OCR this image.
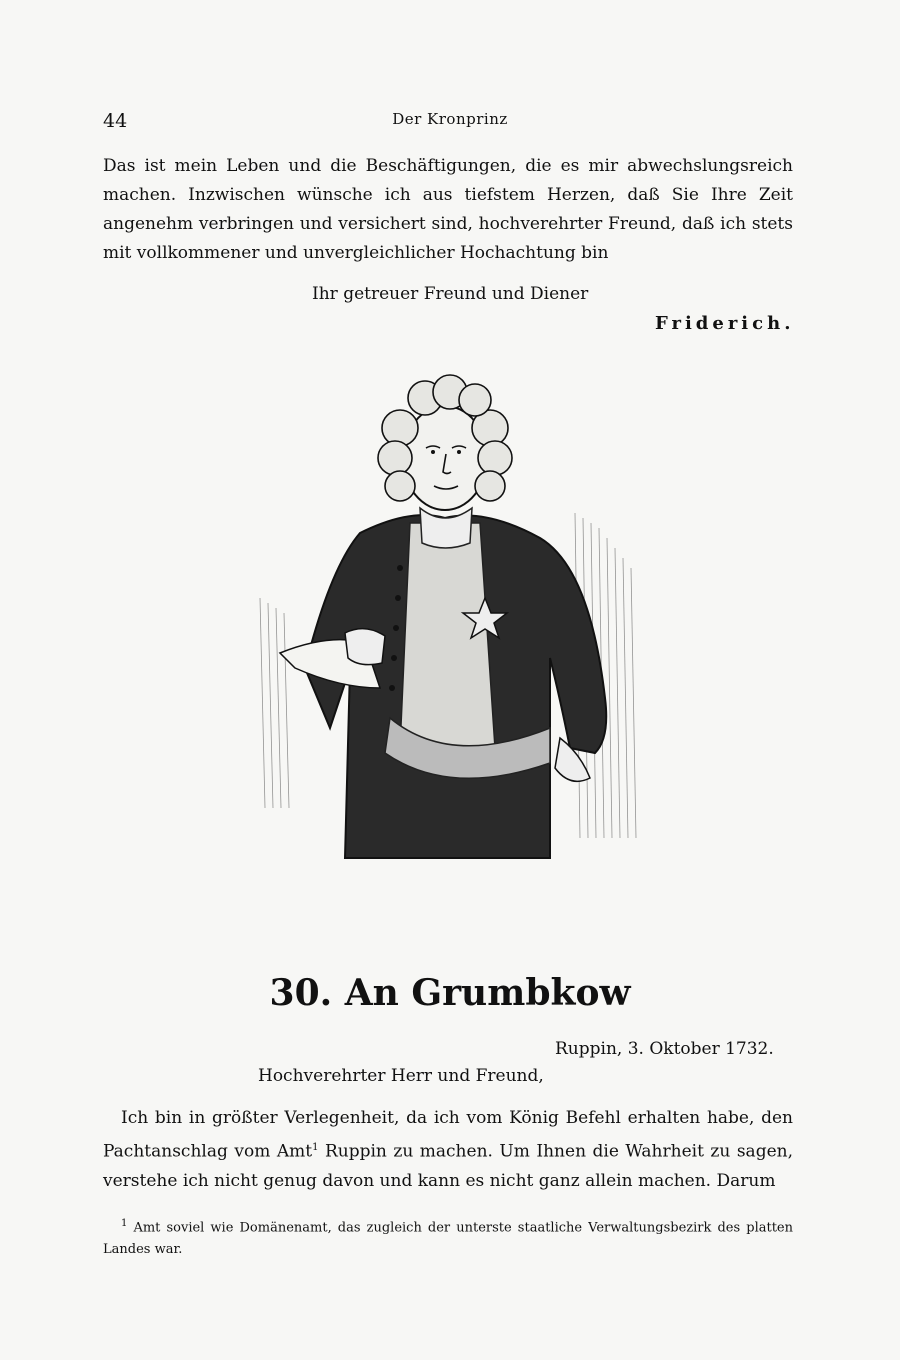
44	Der Kronprinz
Das ist mein Leben und die Beschäftigungen, die es mir abwechslungsreich machen. Inzwischen wünsche ich aus tiefstem Herzen, daß Sie Ihre Zeit angenehm verbringen und versichert sind, hochverehrter Freund, daß ich stets mit vollkommener und unvergleichlicher Hochachtung bin
Ihr getreuer Freund und Diener
Friderich.
30. An Grumbkow
Ruppin, 3. Oktober 1732.
Hochverehrter Herr und Freund,
Ich bin in größter Verlegenheit, da ich vom König Befehl erhalten habe, den Pachtanschlag vom Amt$^1$ Ruppin zu machen. Um Ihnen die Wahrheit zu sagen, verstehe ich nicht genug davon und kann es nicht ganz allein machen. Darum
$^1$ Amt soviel wie Domänenamt, das zugleich der unterste staatliche Verwaltungsbezirk des platten Landes war.
